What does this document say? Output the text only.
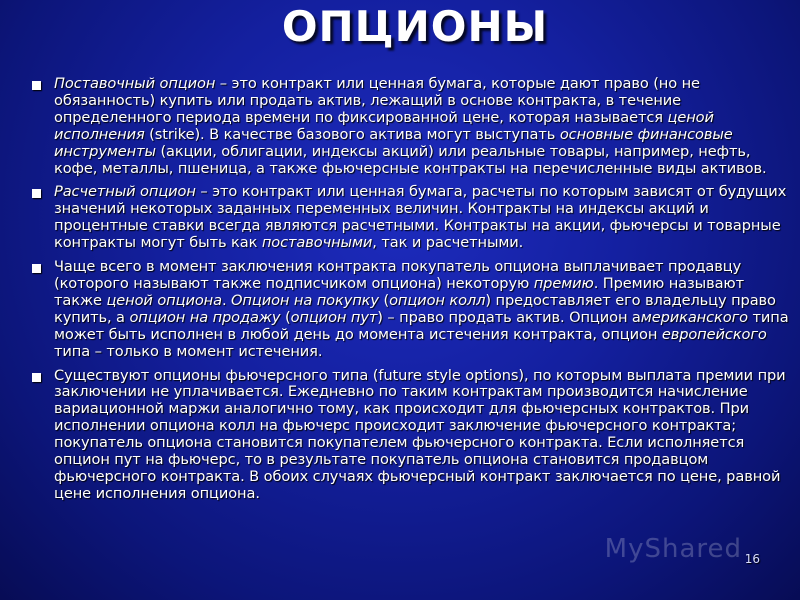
ОПЦИОНЫ
Поставочный опцион – это контракт или ценная бумага, которые дают право (но не обязанность) купить или продать актив, лежащий в основе контракта, в течение определенного периода времени по фиксированной цене, которая называется ценой исполнения (strike). В качестве базового актива могут выступать основные финансовые инструменты (акции, облигации, индексы акций) или реальные товары, например, нефть, кофе, металлы, пшеница, а также фьючерсные контракты на перечисленные виды активов.
Расчетный опцион – это контракт или ценная бумага, расчеты по которым зависят от будущих значений некоторых заданных переменных величин. Контракты на индексы акций и процентные ставки всегда являются расчетными. Контракты на акции, фьючерсы и товарные контракты могут быть как поставочными, так и расчетными.
Чаще всего в момент заключения контракта покупатель опциона выплачивает продавцу (которого называют также подписчиком опциона) некоторую премию. Премию называют также ценой опциона. Опцион на покупку (опцион колл) предоставляет его владельцу право купить, а опцион на продажу (опцион пут) – право продать актив. Опцион американского типа может быть исполнен в любой день до момента истечения контракта, опцион европейского типа – только в момент истечения.
Существуют опционы фьючерсного типа (future style options), по которым выплата премии при заключении не уплачивается. Ежедневно по таким контрактам производится начисление вариационной маржи аналогично тому, как происходит для фьючерсных контрактов. При исполнении опциона колл на фьючерс происходит заключение фьючерсного контракта; покупатель опциона становится покупателем фьючерсного контракта. Если исполняется опцион пут на фьючерс, то в результате покупатель опциона становится продавцом фьючерсного контракта. В обоих случаях фьючерсный контракт заключается по цене, равной цене исполнения опциона.
MyShared 16
